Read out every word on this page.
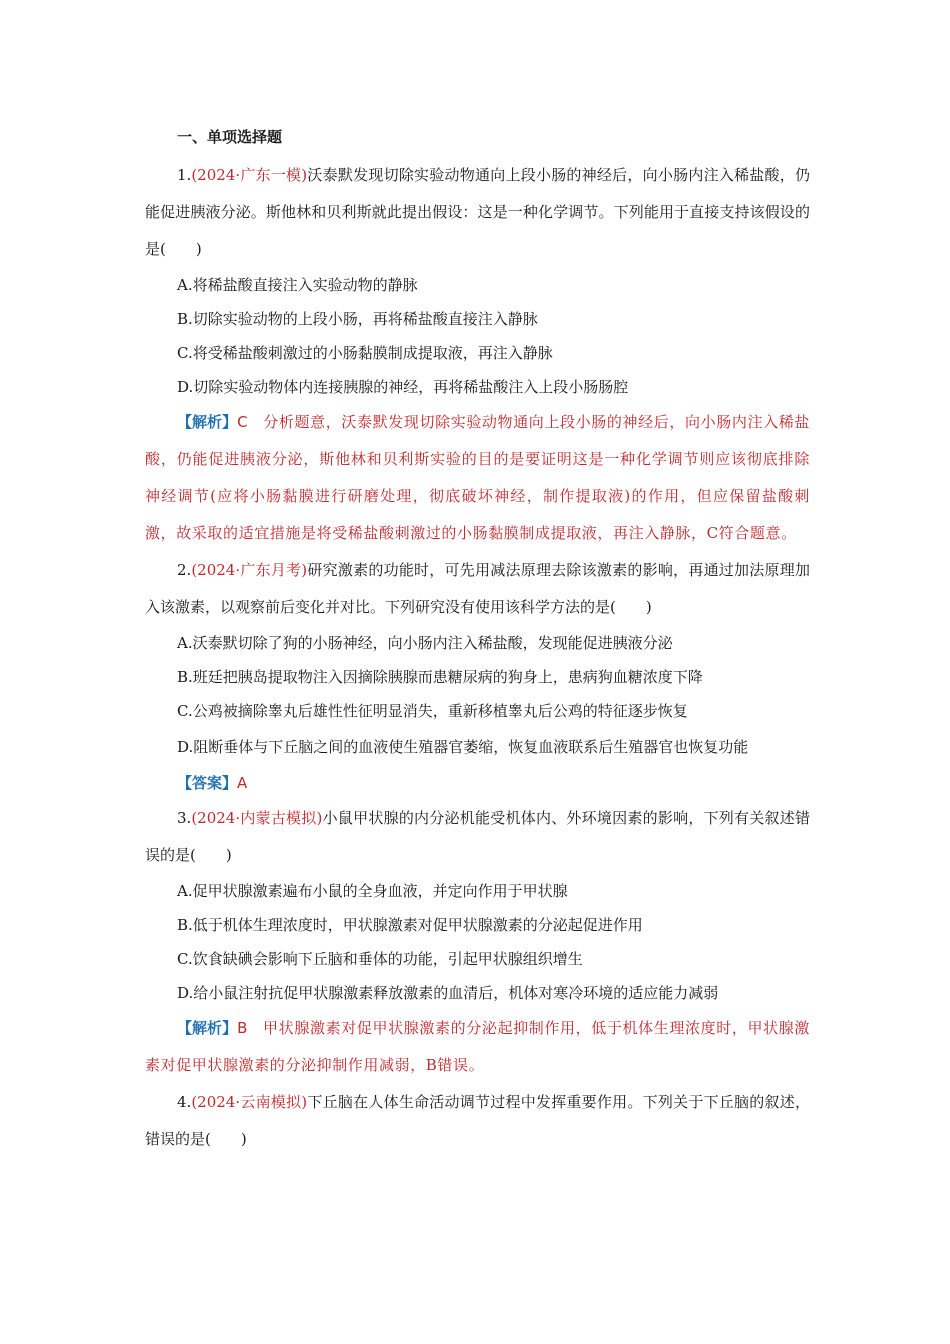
一、单项选择题

1.(2024·广东一模)沃泰默发现切除实验动物通向上段小肠的神经后，向小肠内注入稀盐酸，仍能促进胰液分泌。斯他林和贝利斯就此提出假设：这是一种化学调节。下列能用于直接支持该假设的是(　　)

A.将稀盐酸直接注入实验动物的静脉

B.切除实验动物的上段小肠，再将稀盐酸直接注入静脉

C.将受稀盐酸刺激过的小肠黏膜制成提取液，再注入静脉

D.切除实验动物体内连接胰腺的神经，再将稀盐酸注入上段小肠肠腔

【解析】C　分析题意，沃泰默发现切除实验动物通向上段小肠的神经后，向小肠内注入稀盐酸，仍能促进胰液分泌，斯他林和贝利斯实验的目的是要证明这是一种化学调节则应该彻底排除神经调节(应将小肠黏膜进行研磨处理，彻底破坏神经，制作提取液)的作用，但应保留盐酸刺激，故采取的适宜措施是将受稀盐酸刺激过的小肠黏膜制成提取液，再注入静脉，C符合题意。

2.(2024·广东月考)研究激素的功能时，可先用减法原理去除该激素的影响，再通过加法原理加入该激素，以观察前后变化并对比。下列研究没有使用该科学方法的是(　　)

A.沃泰默切除了狗的小肠神经，向小肠内注入稀盐酸，发现能促进胰液分泌

B.班廷把胰岛提取物注入因摘除胰腺而患糖尿病的狗身上，患病狗血糖浓度下降

C.公鸡被摘除睾丸后雄性性征明显消失，重新移植睾丸后公鸡的特征逐步恢复

D.阻断垂体与下丘脑之间的血液使生殖器官萎缩，恢复血液联系后生殖器官也恢复功能

【答案】A

3.(2024·内蒙古模拟)小鼠甲状腺的内分泌机能受机体内、外环境因素的影响，下列有关叙述错误的是(　　)

A.促甲状腺激素遍布小鼠的全身血液，并定向作用于甲状腺

B.低于机体生理浓度时，甲状腺激素对促甲状腺激素的分泌起促进作用

C.饮食缺碘会影响下丘脑和垂体的功能，引起甲状腺组织增生

D.给小鼠注射抗促甲状腺激素释放激素的血清后，机体对寒冷环境的适应能力减弱

【解析】B　甲状腺激素对促甲状腺激素的分泌起抑制作用，低于机体生理浓度时，甲状腺激素对促甲状腺激素的分泌抑制作用减弱，B错误。

4.(2024·云南模拟)下丘脑在人体生命活动调节过程中发挥重要作用。下列关于下丘脑的叙述，错误的是(　　)
